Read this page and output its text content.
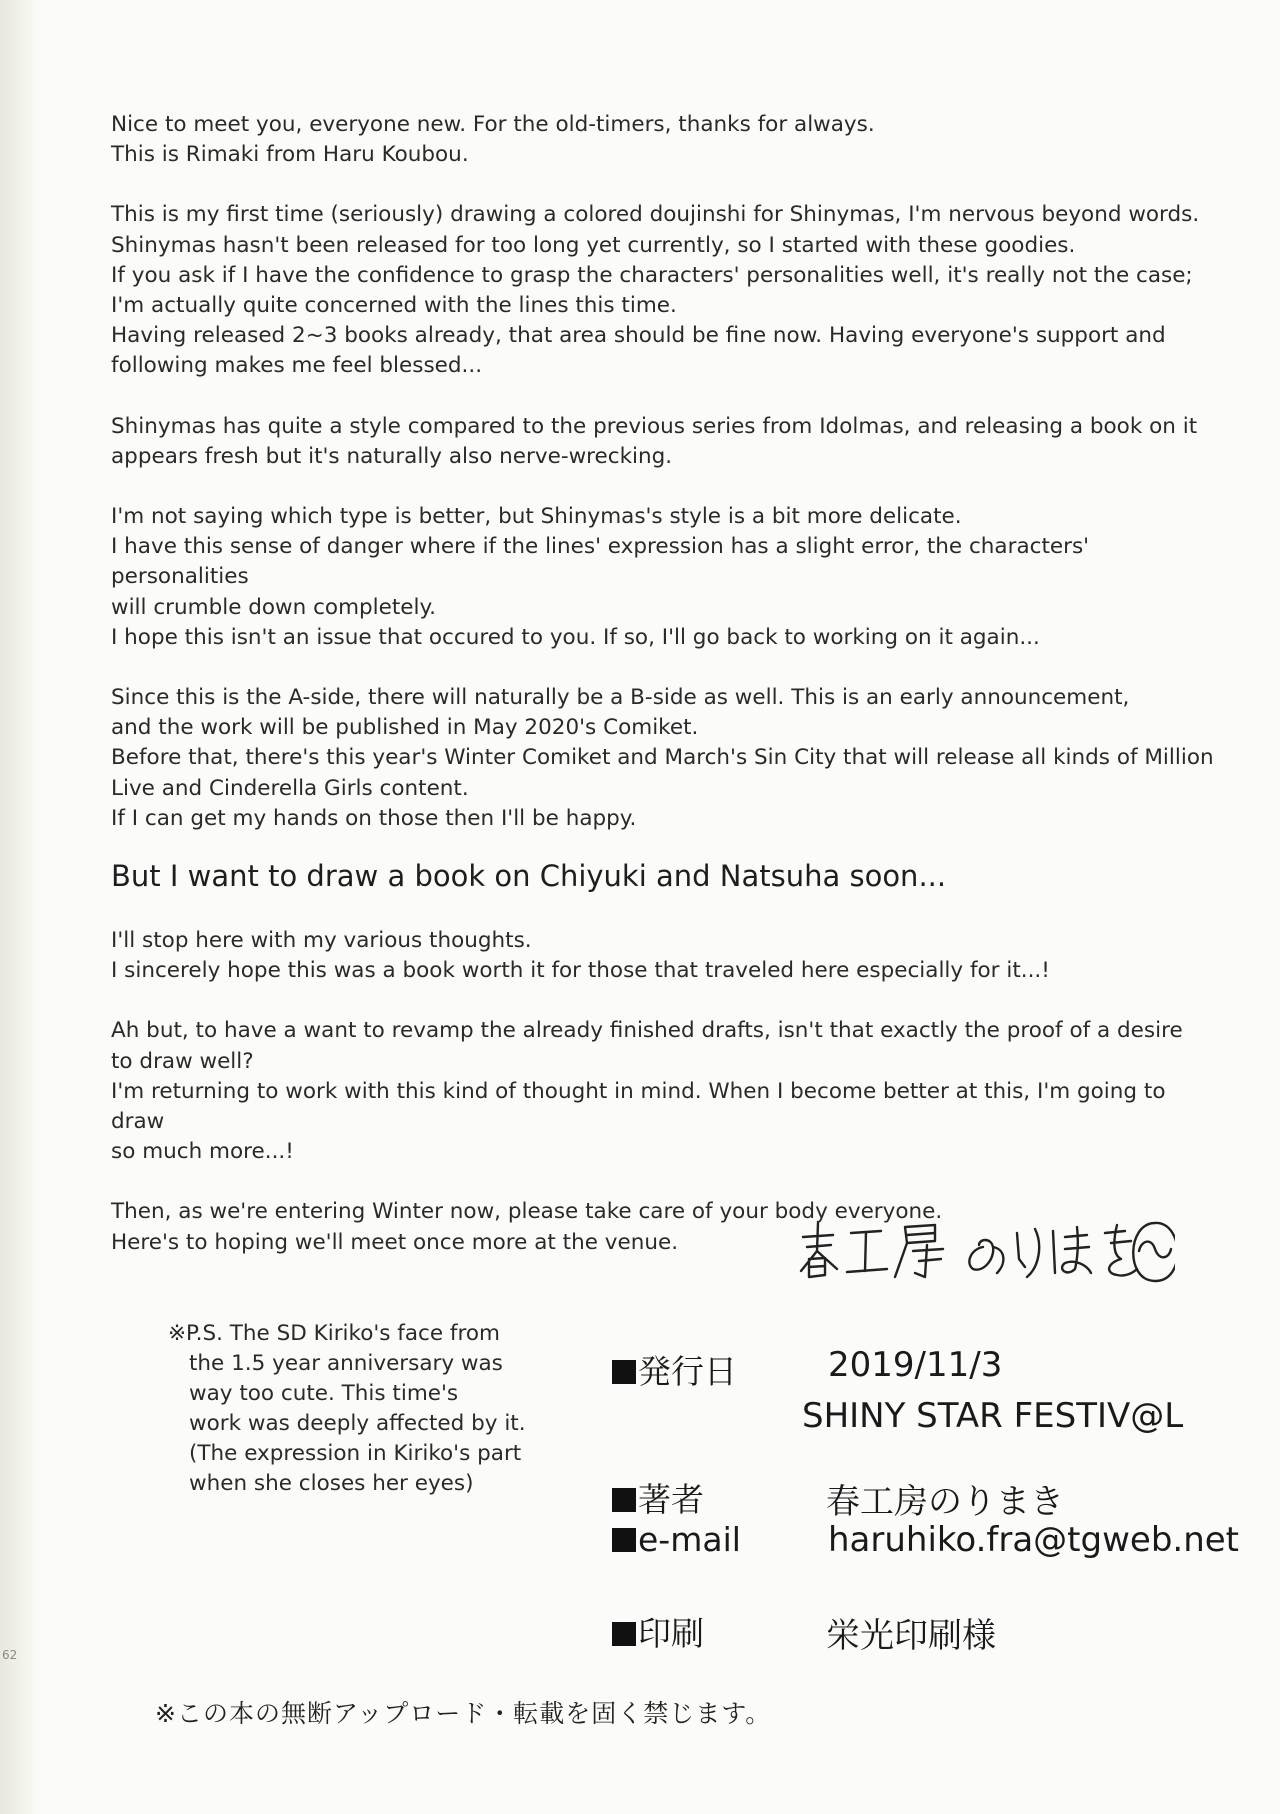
62

Nice to meet you, everyone new. For the old-timers, thanks for always.
This is Rimaki from Haru Koubou.

This is my first time (seriously) drawing a colored doujinshi for Shinymas, I'm nervous beyond words.
Shinymas hasn't been released for too long yet currently, so I started with these goodies.
If you ask if I have the confidence to grasp the characters' personalities well, it's really not the case;
I'm actually quite concerned with the lines this time.
Having released 2~3 books already, that area should be fine now. Having everyone's support and
following makes me feel blessed...

Shinymas has quite a style compared to the previous series from Idolmas, and releasing a book on it
appears fresh but it's naturally also nerve-wrecking.

I'm not saying which type is better, but Shinymas's style is a bit more delicate.
I have this sense of danger where if the lines' expression has a slight error, the characters' personalities
will crumble down completely.
I hope this isn't an issue that occured to you. If so, I'll go back to working on it again...

Since this is the A-side, there will naturally be a B-side as well. This is an early announcement,
and the work will be published in May 2020's Comiket.
Before that, there's this year's Winter Comiket and March's Sin City that will release all kinds of Million
Live and Cinderella Girls content.
If I can get my hands on those then I'll be happy.

But I want to draw a book on Chiyuki and Natsuha soon...

I'll stop here with my various thoughts.
I sincerely hope this was a book worth it for those that traveled here especially for it...!

Ah but, to have a want to revamp the already finished drafts, isn't that exactly the proof of a desire
to draw well?
I'm returning to work with this kind of thought in mind. When I become better at this, I'm going to draw
so much more...!

Then, as we're entering Winter now, please take care of your body everyone.
Here's to hoping we'll meet once more at the venue.

※P.S. The SD Kiriko's face from
the 1.5 year anniversary was
way too cute. This time's
work was deeply affected by it.
(The expression in Kiriko's part
when she closes her eyes)
発行日	2019/11/3
SHINY STAR FESTIV@L
著者	春工房のりまき
e-mail	haruhiko.fra@tgweb.net
印刷	栄光印刷様
※この本の無断アップロード・転載を固く禁じます。
